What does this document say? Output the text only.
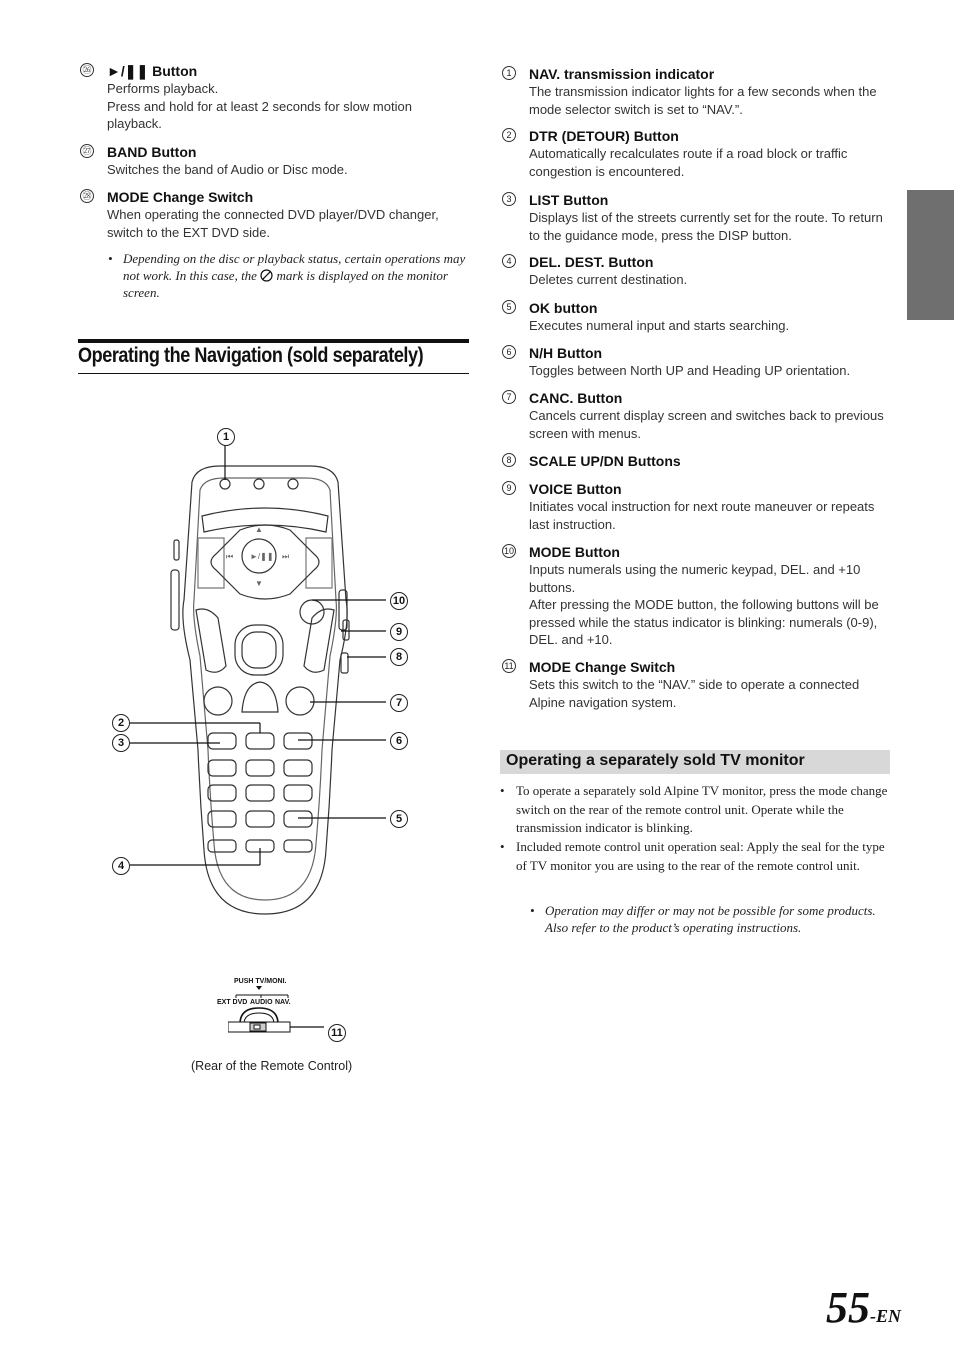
㉖ ►/❚❚ Button
Performs playback.
Press and hold for at least 2 seconds for slow motion playback.
㉗ BAND Button
Switches the band of Audio or Disc mode.
㉘ MODE Change Switch
When operating the connected DVD player/DVD changer, switch to the EXT DVD side.
• Depending on the disc or playback status, certain operations may not work. In this case, the mark is displayed on the monitor screen.
Operating the Navigation (sold separately)
▲
▼
⏮	⏭
►/❚❚
1
10
9
8
7
2
3	6
5
4
PUSH TV/MONI.
EXT DVD AUDIO NAV.
11
(Rear of the Remote Control)
1	NAV. transmission indicator
The transmission indicator lights for a few seconds when the mode selector switch is set to “NAV.”.
2	DTR (DETOUR) Button
Automatically recalculates route if a road block or traffic congestion is encountered.
3	LIST Button
Displays list of the streets currently set for the route. To return to the guidance mode, press the DISP button.
4	DEL. DEST. Button
Deletes current destination.
5	OK button
Executes numeral input and starts searching.
6	N/H Button
Toggles between North UP and Heading UP orientation.
7	CANC. Button
Cancels current display screen and switches back to previous screen with menus.
8	SCALE UP/DN Buttons
9	VOICE Button
Initiates vocal instruction for next route maneuver or repeats last instruction.
10 MODE Button
Inputs numerals using the numeric keypad, DEL. and +10 buttons.
After pressing the MODE button, the following buttons will be pressed while the status indicator is blinking: numerals (0-9), DEL. and +10.
11 MODE Change Switch
Sets this switch to the “NAV.” side to operate a connected Alpine navigation system.
Operating a separately sold TV monitor
• To operate a separately sold Alpine TV monitor, press the mode change switch on the rear of the remote control unit. Operate while the transmission indicator is blinking.
• Included remote control unit operation seal: Apply the seal for the type of TV monitor you are using to the rear of the remote control unit.
• Operation may differ or may not be possible for some products. Also refer to the product’s operating instructions.
55-EN
